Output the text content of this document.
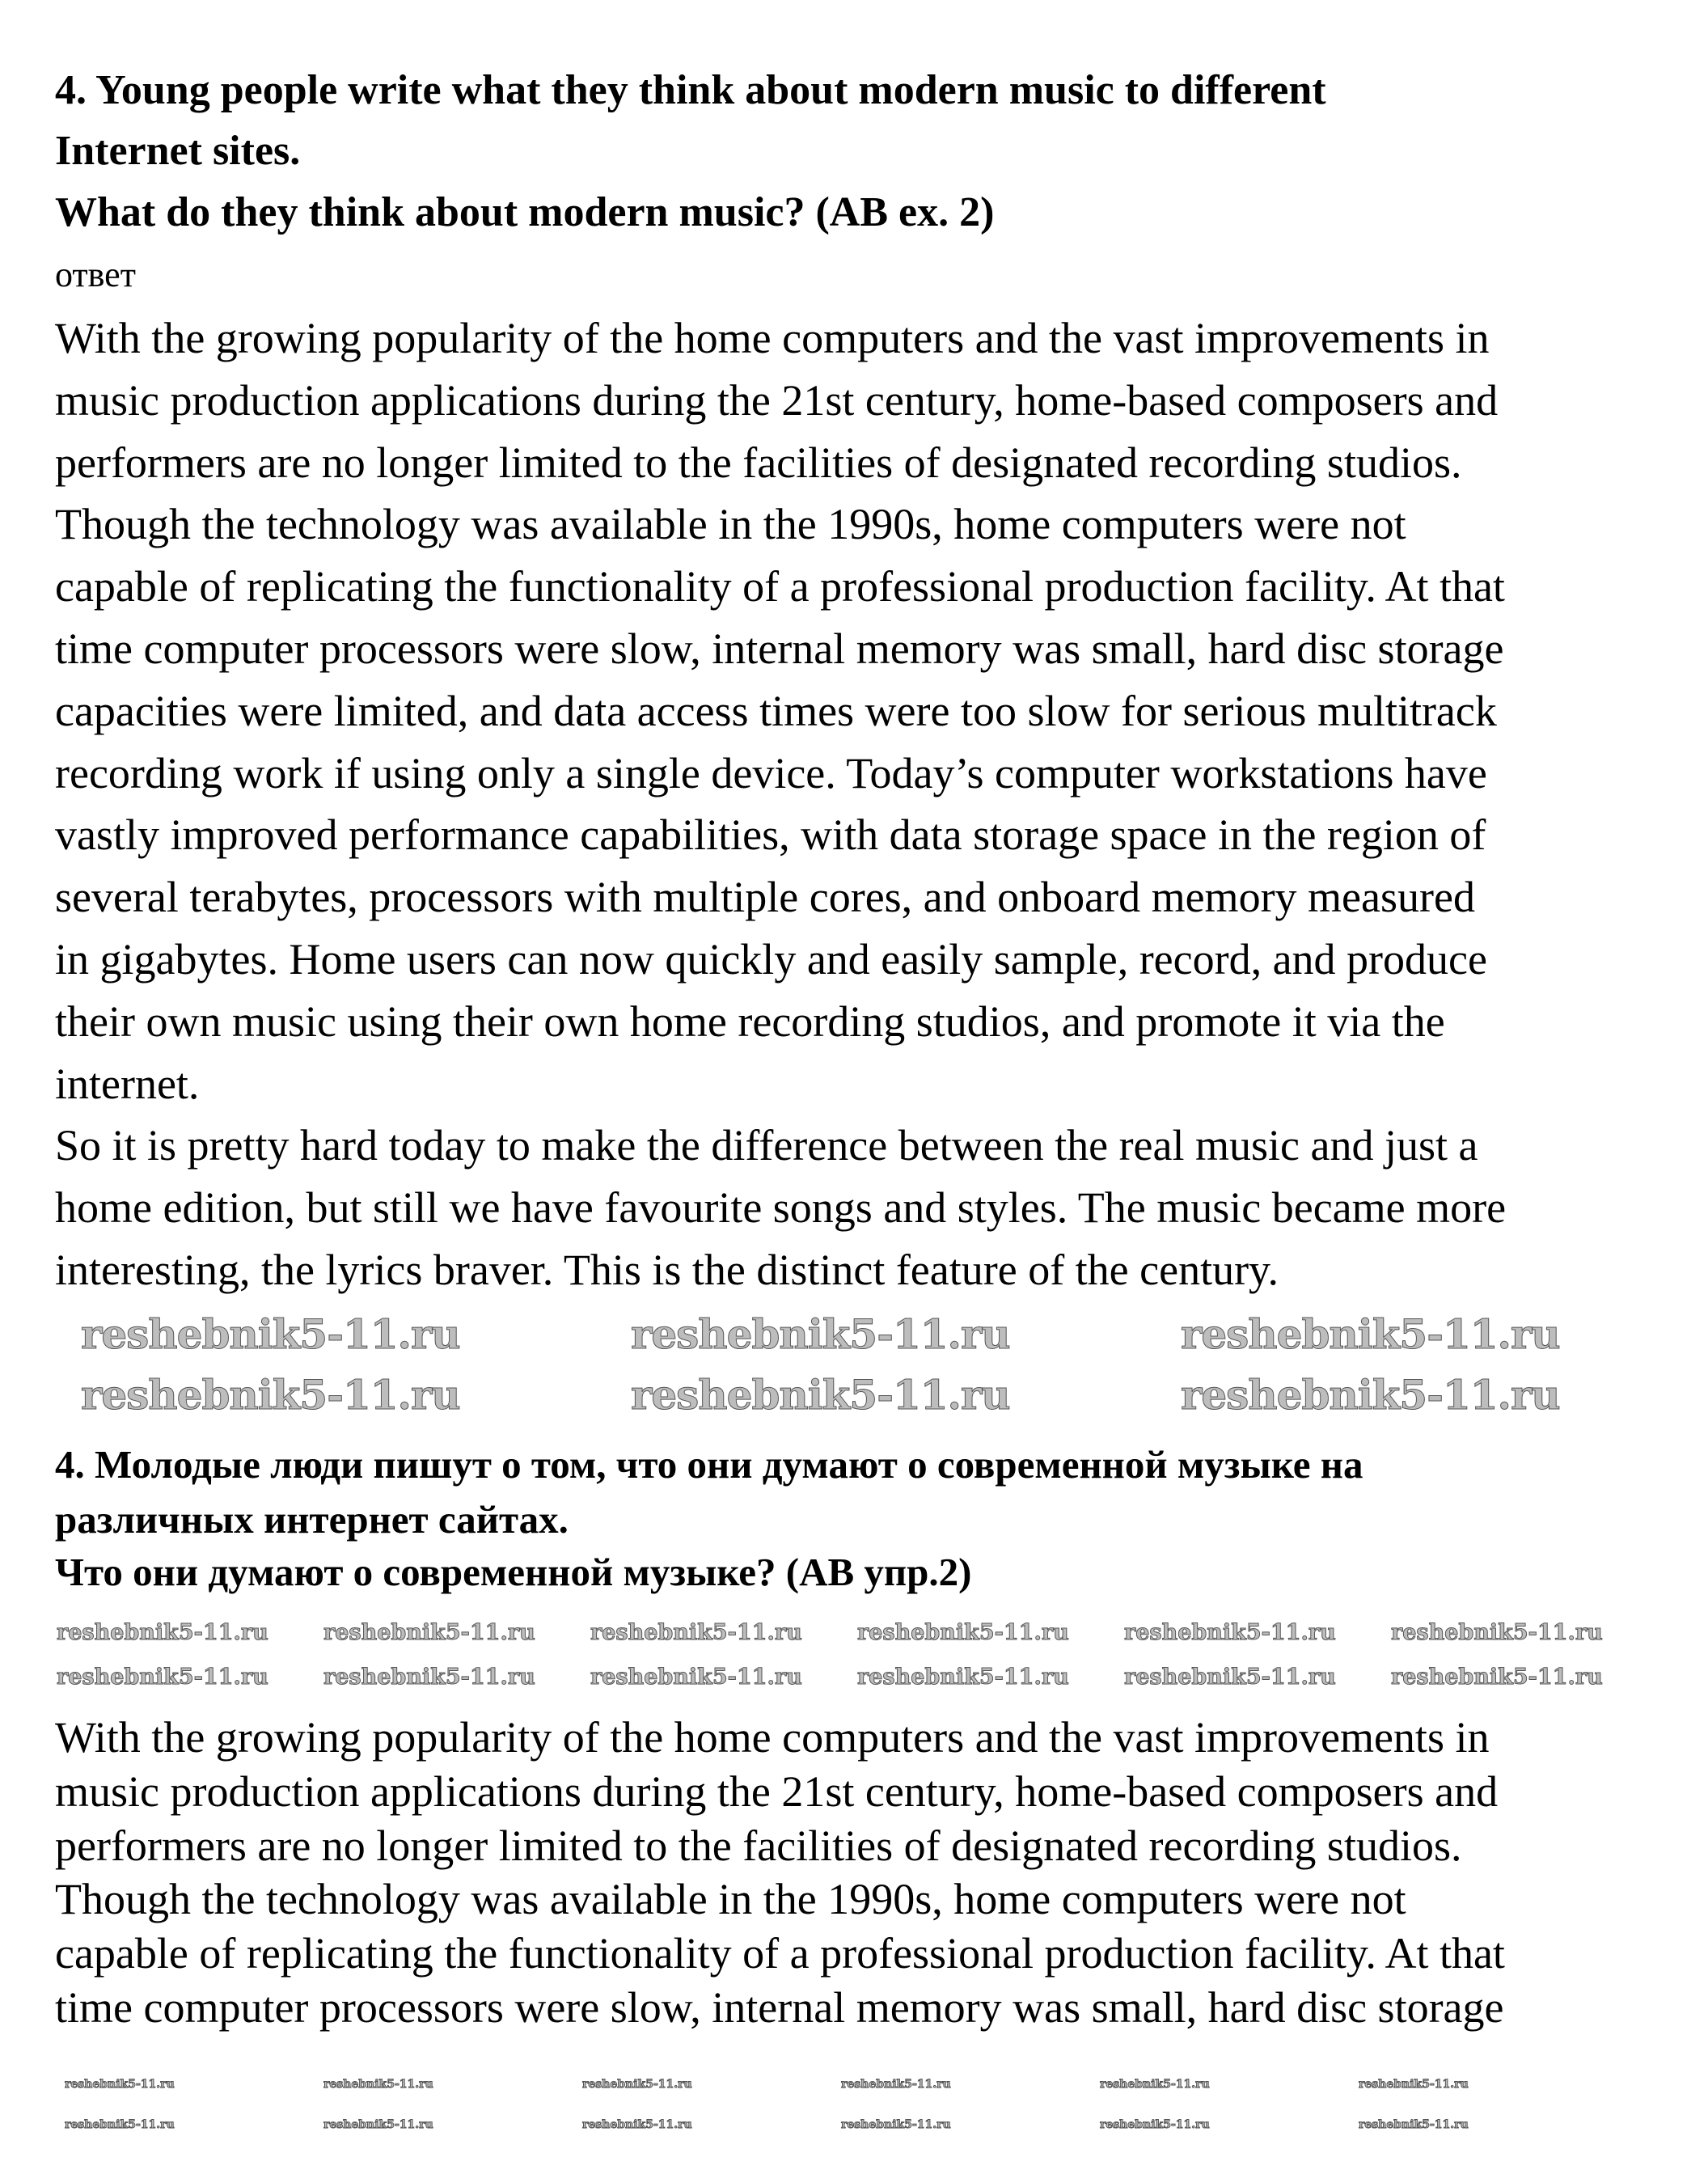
4. Young people write what they think about modern music to different
Internet sites.
What do they think about modern music? (AB ex. 2)
ответ
With the growing popularity of the home computers and the vast improvements in
music production applications during the 21st century, home-based composers and
performers are no longer limited to the facilities of designated recording studios.
Though the technology was available in the 1990s, home computers were not
capable of replicating the functionality of a professional production facility. At that
time computer processors were slow, internal memory was small, hard disc storage
capacities were limited, and data access times were too slow for serious multitrack
recording work if using only a single device. Today’s computer workstations have
vastly improved performance capabilities, with data storage space in the region of
several terabytes, processors with multiple cores, and onboard memory measured
in gigabytes. Home users can now quickly and easily sample, record, and produce
their own music using their own home recording studios, and promote it via the
internet.
So it is pretty hard today to make the difference between the real music and just a
home edition, but still we have favourite songs and styles. The music became more
interesting, the lyrics braver. This is the distinct feature of the century.
4. Молодые люди пишут о том, что они думают о современной музыке на
различных интернет сайтах.
Что они думают о современной музыке? (AB упр.2)
With the growing popularity of the home computers and the vast improvements in
music production applications during the 21st century, home-based composers and
performers are no longer limited to the facilities of designated recording studios.
Though the technology was available in the 1990s, home computers were not
capable of replicating the functionality of a professional production facility. At that
time computer processors were slow, internal memory was small, hard disc storage
reshebnik5-11.ru	reshebnik5-11.ru	reshebnik5-11.ru
reshebnik5-11.ru	reshebnik5-11.ru	reshebnik5-11.ru
reshebnik5-11.ru	reshebnik5-11.ru	reshebnik5-11.ru	reshebnik5-11.ru	reshebnik5-11.ru	reshebnik5-11.ru
reshebnik5-11.ru	reshebnik5-11.ru	reshebnik5-11.ru	reshebnik5-11.ru	reshebnik5-11.ru	reshebnik5-11.ru
reshebnik5-11.ru	reshebnik5-11.ru	reshebnik5-11.ru	reshebnik5-11.ru	reshebnik5-11.ru	reshebnik5-11.ru
reshebnik5-11.ru	reshebnik5-11.ru	reshebnik5-11.ru	reshebnik5-11.ru	reshebnik5-11.ru	reshebnik5-11.ru
